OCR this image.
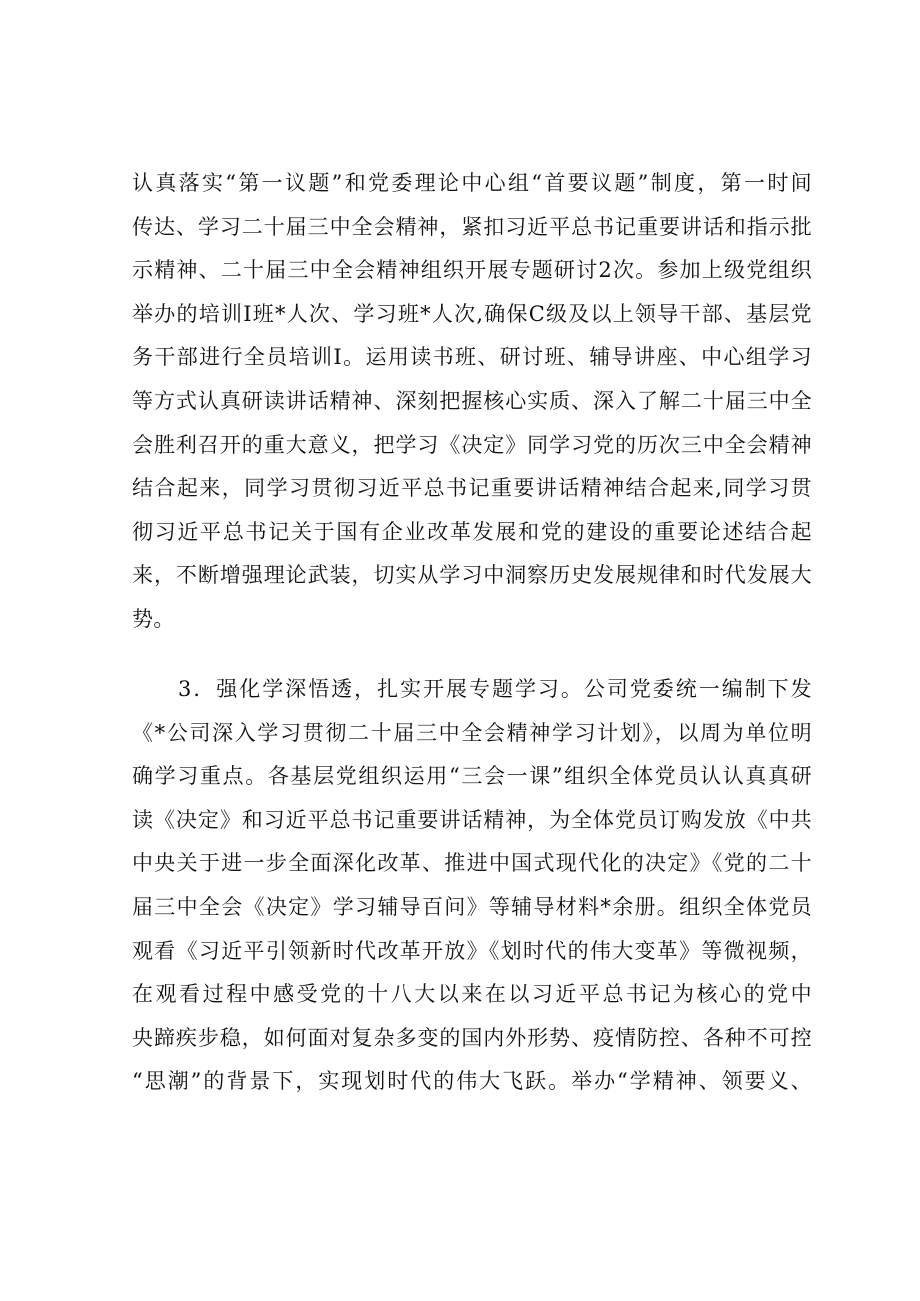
认真落实“第一议题”和党委理论中心组“首要议题”制度，第一时间
传达、学习二十届三中全会精神，紧扣习近平总书记重要讲话和指示批
示精神、二十届三中全会精神组织开展专题研讨2次。参加上级党组织
举办的培训I班*人次、学习班*人次,确保C级及以上领导干部、基层党
务干部进行全员培训I。运用读书班、研讨班、辅导讲座、中心组学习
等方式认真研读讲话精神、深刻把握核心实质、深入了解二十届三中全
会胜利召开的重大意义，把学习《决定》同学习党的历次三中全会精神
结合起来，同学习贯彻习近平总书记重要讲话精神结合起来,同学习贯
彻习近平总书记关于国有企业改革发展和党的建设的重要论述结合起
来，不断增强理论武装，切实从学习中洞察历史发展规律和时代发展大
势。
3．强化学深悟透，扎实开展专题学习。公司党委统一编制下发
《*公司深入学习贯彻二十届三中全会精神学习计划》，以周为单位明
确学习重点。各基层党组织运用“三会一课”组织全体党员认认真真研
读《决定》和习近平总书记重要讲话精神，为全体党员订购发放《中共
中央关于进一步全面深化改革、推进中国式现代化的决定》《党的二十
届三中全会《决定》学习辅导百问》等辅导材料*余册。组织全体党员
观看《习近平引领新时代改革开放》《划时代的伟大变革》等微视频，
在观看过程中感受党的十八大以来在以习近平总书记为核心的党中
央蹄疾步稳，如何面对复杂多变的国内外形势、疫情防控、各种不可控
“思潮”的背景下，实现划时代的伟大飞跃。举办“学精神、领要义、
